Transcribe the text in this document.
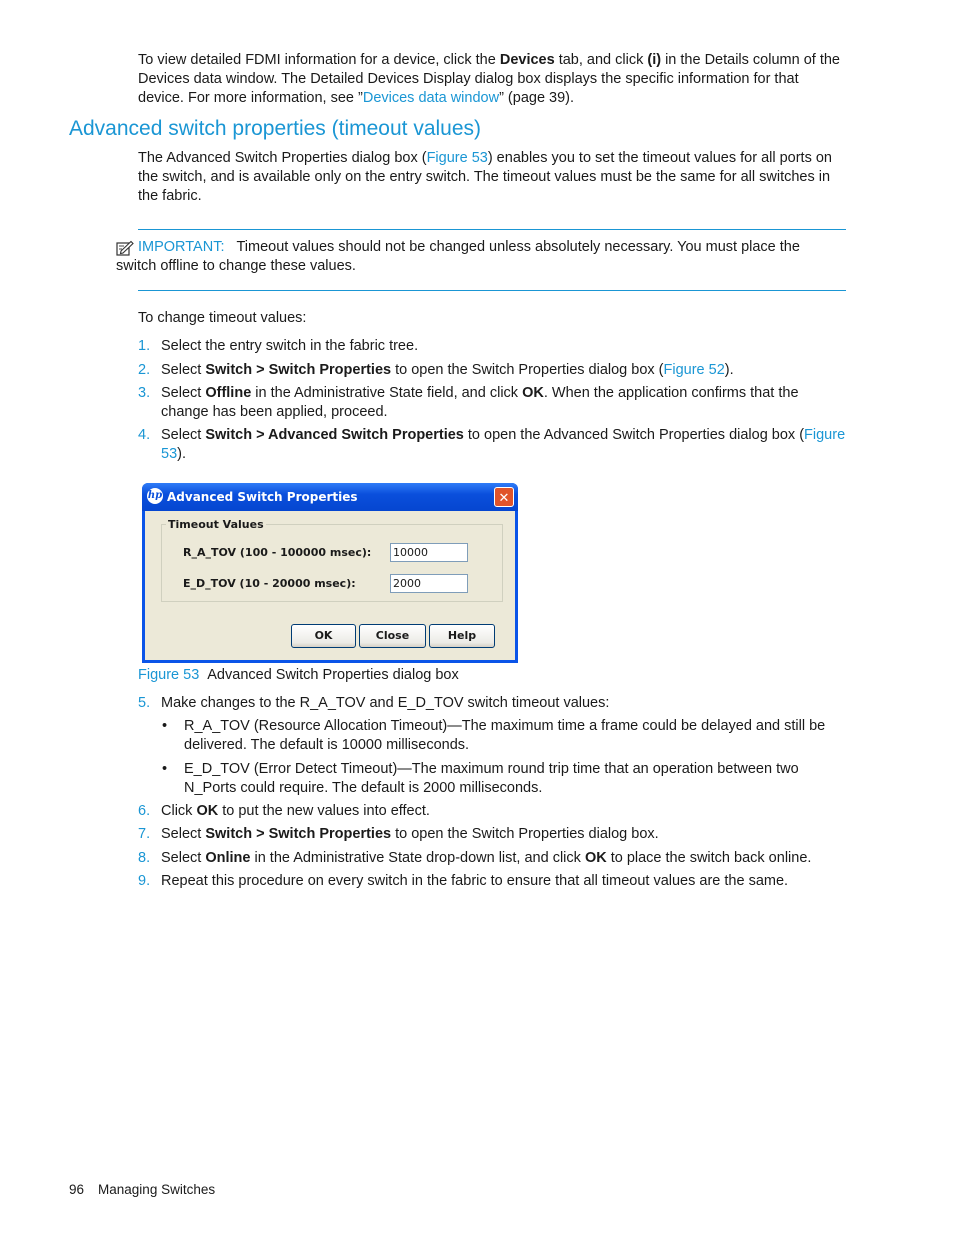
To view detailed FDMI information for a device, click the Devices tab, and click (i) in the Details column of the Devices data window. The Detailed Devices Display dialog box displays the specific information for that device. For more information, see ”Devices data window” (page 39).

Advanced switch properties (timeout values)

The Advanced Switch Properties dialog box (Figure 53) enables you to set the timeout values for all ports on the switch, and is available only on the entry switch. The timeout values must be the same for all switches in the fabric.

IMPORTANT: Timeout values should not be changed unless absolutely necessary. You must place the
switch offline to change these values.

To change timeout values:

1. Select the entry switch in the fabric tree.
2. Select Switch > Switch Properties to open the Switch Properties dialog box (Figure 52).
3. Select Offline in the Administrative State field, and click OK. When the application confirms that the change has been applied, proceed.
4. Select Switch > Advanced Switch Properties to open the Advanced Switch Properties dialog box (Figure 53).
hp Advanced Switch Properties	✕
Timeout Values
R_A_TOV (100 - 100000 msec): 10000
E_D_TOV (10 - 20000 msec):	2000
OK	Close	Help
Figure 53 Advanced Switch Properties dialog box
5. Make changes to the R_A_TOV and E_D_TOV switch timeout values:
• R_A_TOV (Resource Allocation Timeout)—The maximum time a frame could be delayed and still be delivered. The default is 10000 milliseconds.
• E_D_TOV (Error Detect Timeout)—The maximum round trip time that an operation between two N_Ports could require. The default is 2000 milliseconds.
6. Click OK to put the new values into effect.
7. Select Switch > Switch Properties to open the Switch Properties dialog box.
8. Select Online in the Administrative State drop-down list, and click OK to place the switch back online.
9. Repeat this procedure on every switch in the fabric to ensure that all timeout values are the same.
96 Managing Switches
